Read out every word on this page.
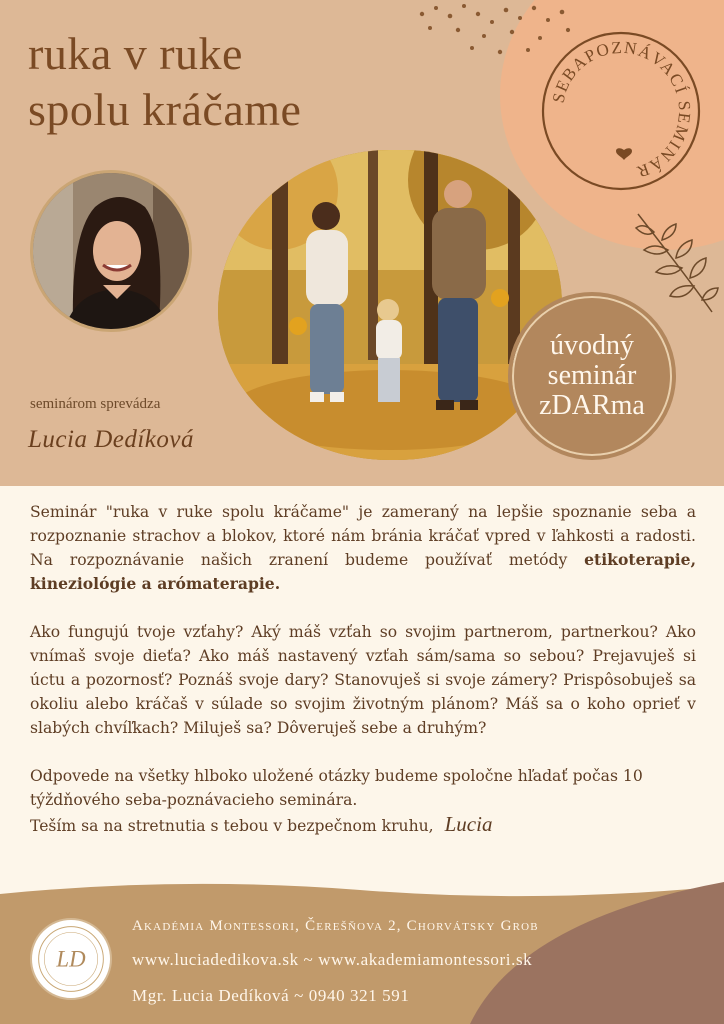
ruka v ruke
spolu kráčame	SEBAPOZNÁVACÍ SEMINÁR
úvodný
seminár
zDARma
seminárom sprevádza
Lucia Dedíková

Seminár "ruka v ruke spolu kráčame" je zameraný na lepšie spoznanie seba a rozpoznanie strachov a blokov, ktoré nám bránia kráčať vpred v ľahkosti a radosti. Na rozpoznávanie našich zranení budeme používať metódy etikoterapie, kineziológie a arómaterapie.

Ako fungujú tvoje vzťahy? Aký máš vzťah so svojim partnerom, partnerkou? Ako vnímaš svoje dieťa? Ako máš nastavený vzťah sám/sama so sebou? Prejavuješ si úctu a pozornosť? Poznáš svoje dary? Stanovuješ si svoje zámery? Prispôsobuješ sa okoliu alebo kráčaš v súlade so svojim životným plánom? Máš sa o koho oprieť v slabých chvíľkach? Miluješ sa? Dôveruješ sebe a druhým?

Odpovede na všetky hlboko uložené otázky budeme spoločne hľadať počas 10 týždňového seba-poznávacieho seminára.
Teším sa na stretnutia s tebou v bezpečnom kruhu, Lucia

LD
Akadémia Montessori, Čerešňova 2, Chorvátsky Grob
www.luciadedikova.sk ~ www.akademiamontessori.sk
Mgr. Lucia Dedíková ~ 0940 321 591
